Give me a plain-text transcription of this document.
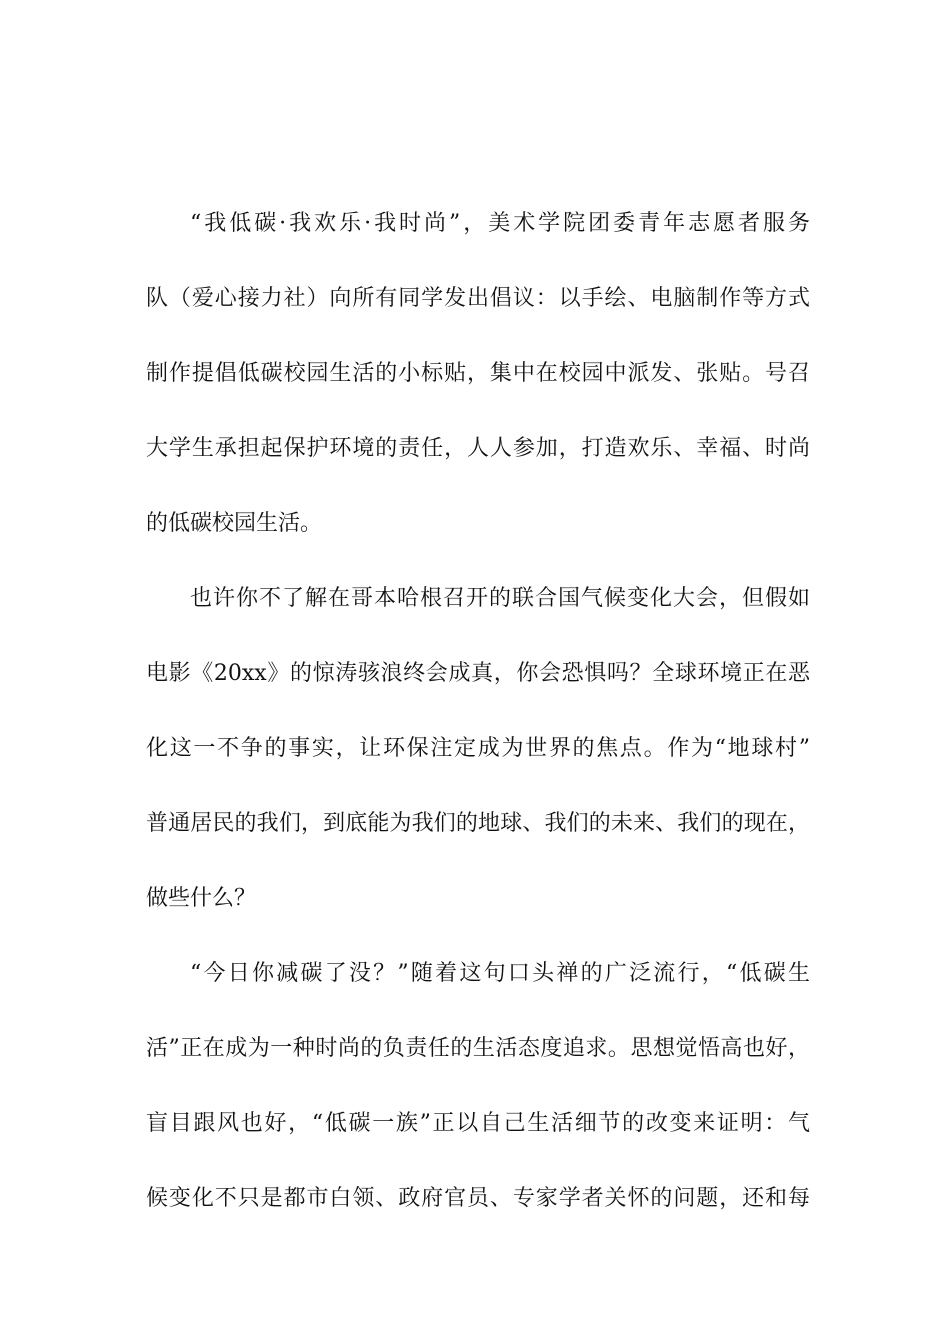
“我低碳·我欢乐·我时尚”，美术学院团委青年志愿者服务
队（爱心接力社）向所有同学发出倡议：以手绘、电脑制作等方式
制作提倡低碳校园生活的小标贴，集中在校园中派发、张贴。号召
大学生承担起保护环境的责任，人人参加，打造欢乐、幸福、时尚
的低碳校园生活。
也许你不了解在哥本哈根召开的联合国气候变化大会，但假如
电影《20xx》的惊涛骇浪终会成真，你会恐惧吗？全球环境正在恶
化这一不争的事实，让环保注定成为世界的焦点。作为“地球村”
普通居民的我们，到底能为我们的地球、我们的未来、我们的现在，
做些什么？
“今日你减碳了没？”随着这句口头禅的广泛流行，“低碳生
活”正在成为一种时尚的负责任的生活态度追求。思想觉悟高也好，
盲目跟风也好，“低碳一族”正以自己生活细节的改变来证明：气
候变化不只是都市白领、政府官员、专家学者关怀的问题，还和每
